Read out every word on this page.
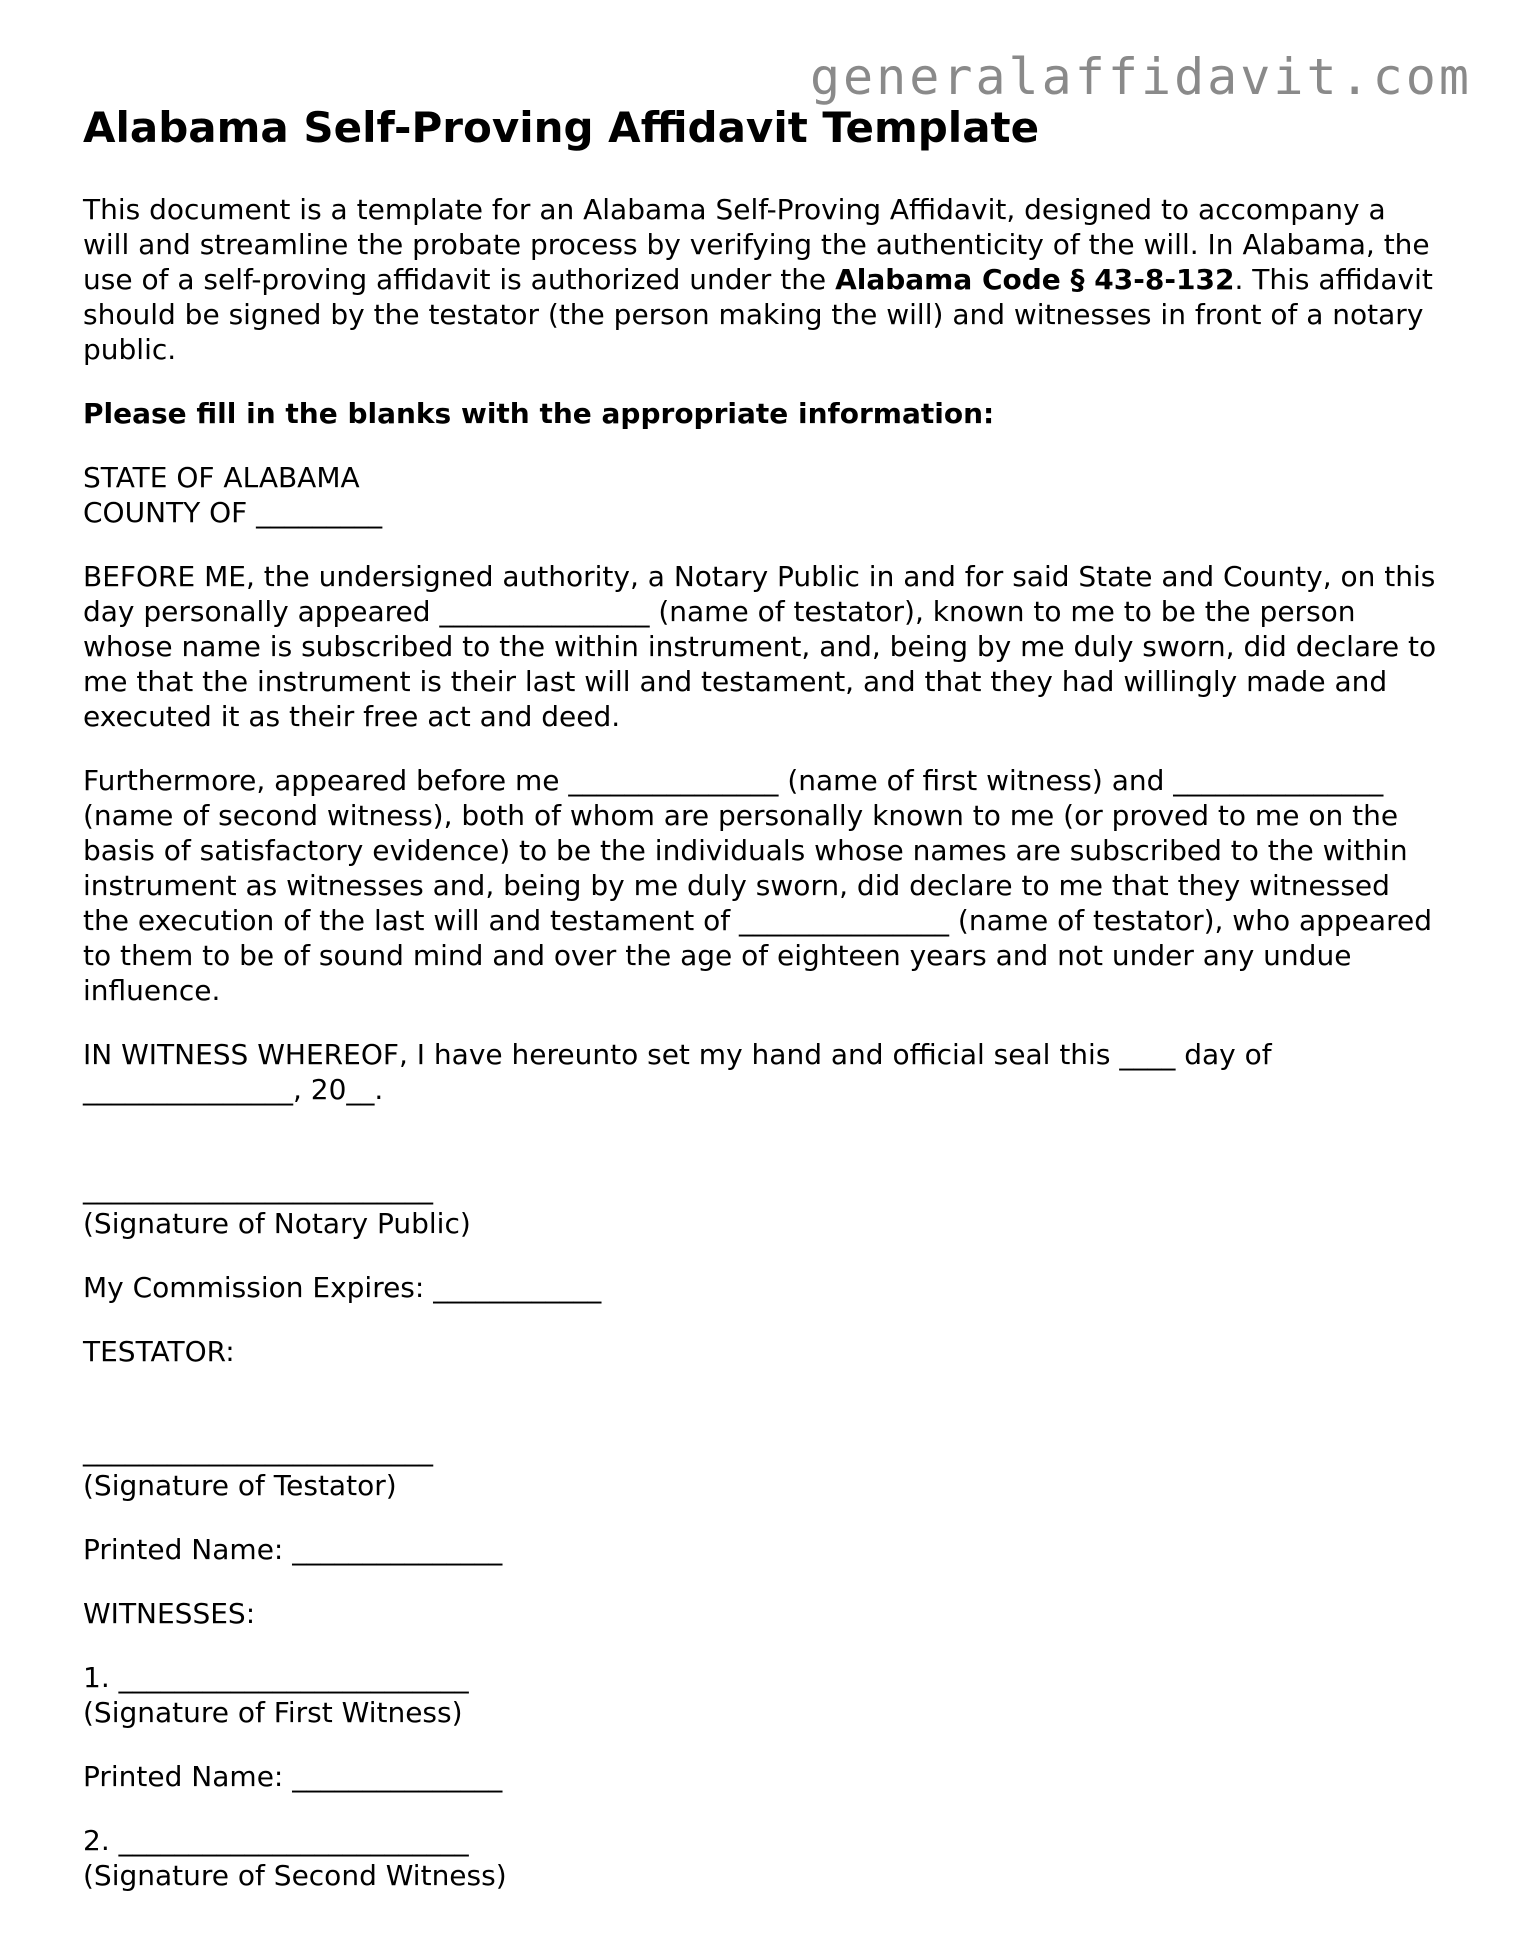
generalaffidavit.com
Alabama Self-Proving Affidavit Template

This document is a template for an Alabama Self-Proving Affidavit, designed to accompany a will and streamline the probate process by verifying the authenticity of the will. In Alabama, the use of a self-proving affidavit is authorized under the Alabama Code § 43-8-132. This affidavit should be signed by the testator (the person making the will) and witnesses in front of a notary public.

Please fill in the blanks with the appropriate information:

STATE OF ALABAMA

COUNTY OF _________

BEFORE ME, the undersigned authority, a Notary Public in and for said State and County, on this day personally appeared _______________ (name of testator), known to me to be the person whose name is subscribed to the within instrument, and, being by me duly sworn, did declare to me that the instrument is their last will and testament, and that they had willingly made and executed it as their free act and deed.

Furthermore, appeared before me _______________ (name of first witness) and _______________ (name of second witness), both of whom are personally known to me (or proved to me on the basis of satisfactory evidence) to be the individuals whose names are subscribed to the within instrument as witnesses and, being by me duly sworn, did declare to me that they witnessed the execution of the last will and testament of _______________ (name of testator), who appeared to them to be of sound mind and over the age of eighteen years and not under any undue influence.

IN WITNESS WHEREOF, I have hereunto set my hand and official seal this ____ day of _______________, 20__.

_________________________

(Signature of Notary Public)

My Commission Expires: ____________

TESTATOR:

_________________________

(Signature of Testator)

Printed Name: _______________

WITNESSES:

1. _________________________

(Signature of First Witness)

Printed Name: _______________

2. _________________________

(Signature of Second Witness)
